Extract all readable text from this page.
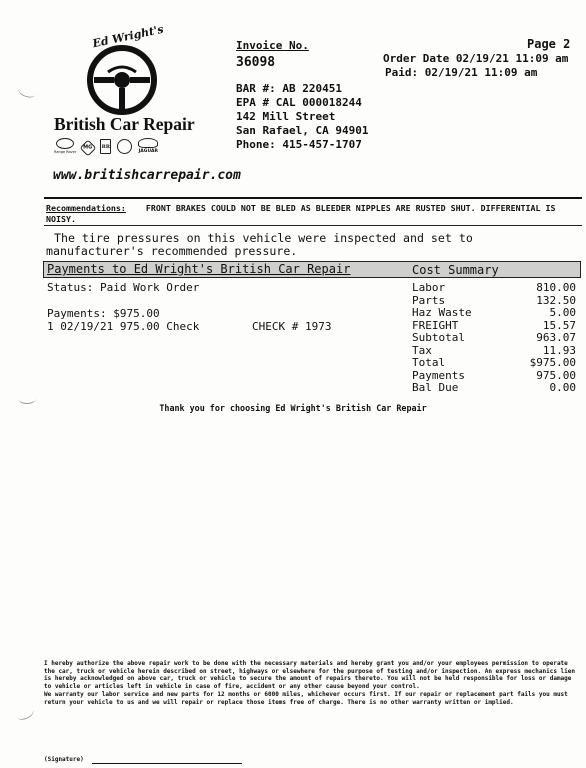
Ed Wright's
British Car Repair
Range Rover
MG RR
JAGUAR
www.britishcarrepair.com
Invoice No.
36098
Page 2
Order Date 02/19/21 11:09 am
Paid: 02/19/21 11:09 am
BAR #: AB 220451
EPA # CAL 000018244
142 Mill Street
San Rafael, CA 94901
Phone: 415-457-1707
Recommendations: FRONT BRAKES COULD NOT BE BLED AS BLEEDER NIPPLES ARE RUSTED SHUT. DIFFERENTIAL IS NOISY.
The tire pressures on this vehicle were inspected and set to
manufacturer's recommended pressure.
Payments to Ed Wright's British Car Repair	Cost Summary
Status: Paid Work Order
Payments: $975.00
1 02/19/21 975.00 Check	CHECK # 1973
Labor	810.00
Parts	132.50
Haz Waste	5.00
FREIGHT	15.57
Subtotal	963.07
Tax	11.93
Total	$975.00
Payments	975.00
Bal Due	0.00
Thank you for choosing Ed Wright's British Car Repair
I hereby authorize the above repair work to be done with the necessary materials and hereby grant you and/or your employees permission to operate the car, truck or vehicle herein described on street, highways or elsewhere for the purpose of testing and/or inspection. An express mechanics lien is hereby acknowledged on above car, truck or vehicle to secure the amount of repairs thereto. You will not be held responsible for loss or damage to vehicle or articles left in vehicle in case of fire, accident or any other cause beyond your control.
We warranty our labor service and new parts for 12 months or 6000 miles, whichever occurs first. If our repair or replacement part fails you must return your vehicle to us and we will repair or replace those items free of charge. There is no other warranty written or implied.
(Signature)
